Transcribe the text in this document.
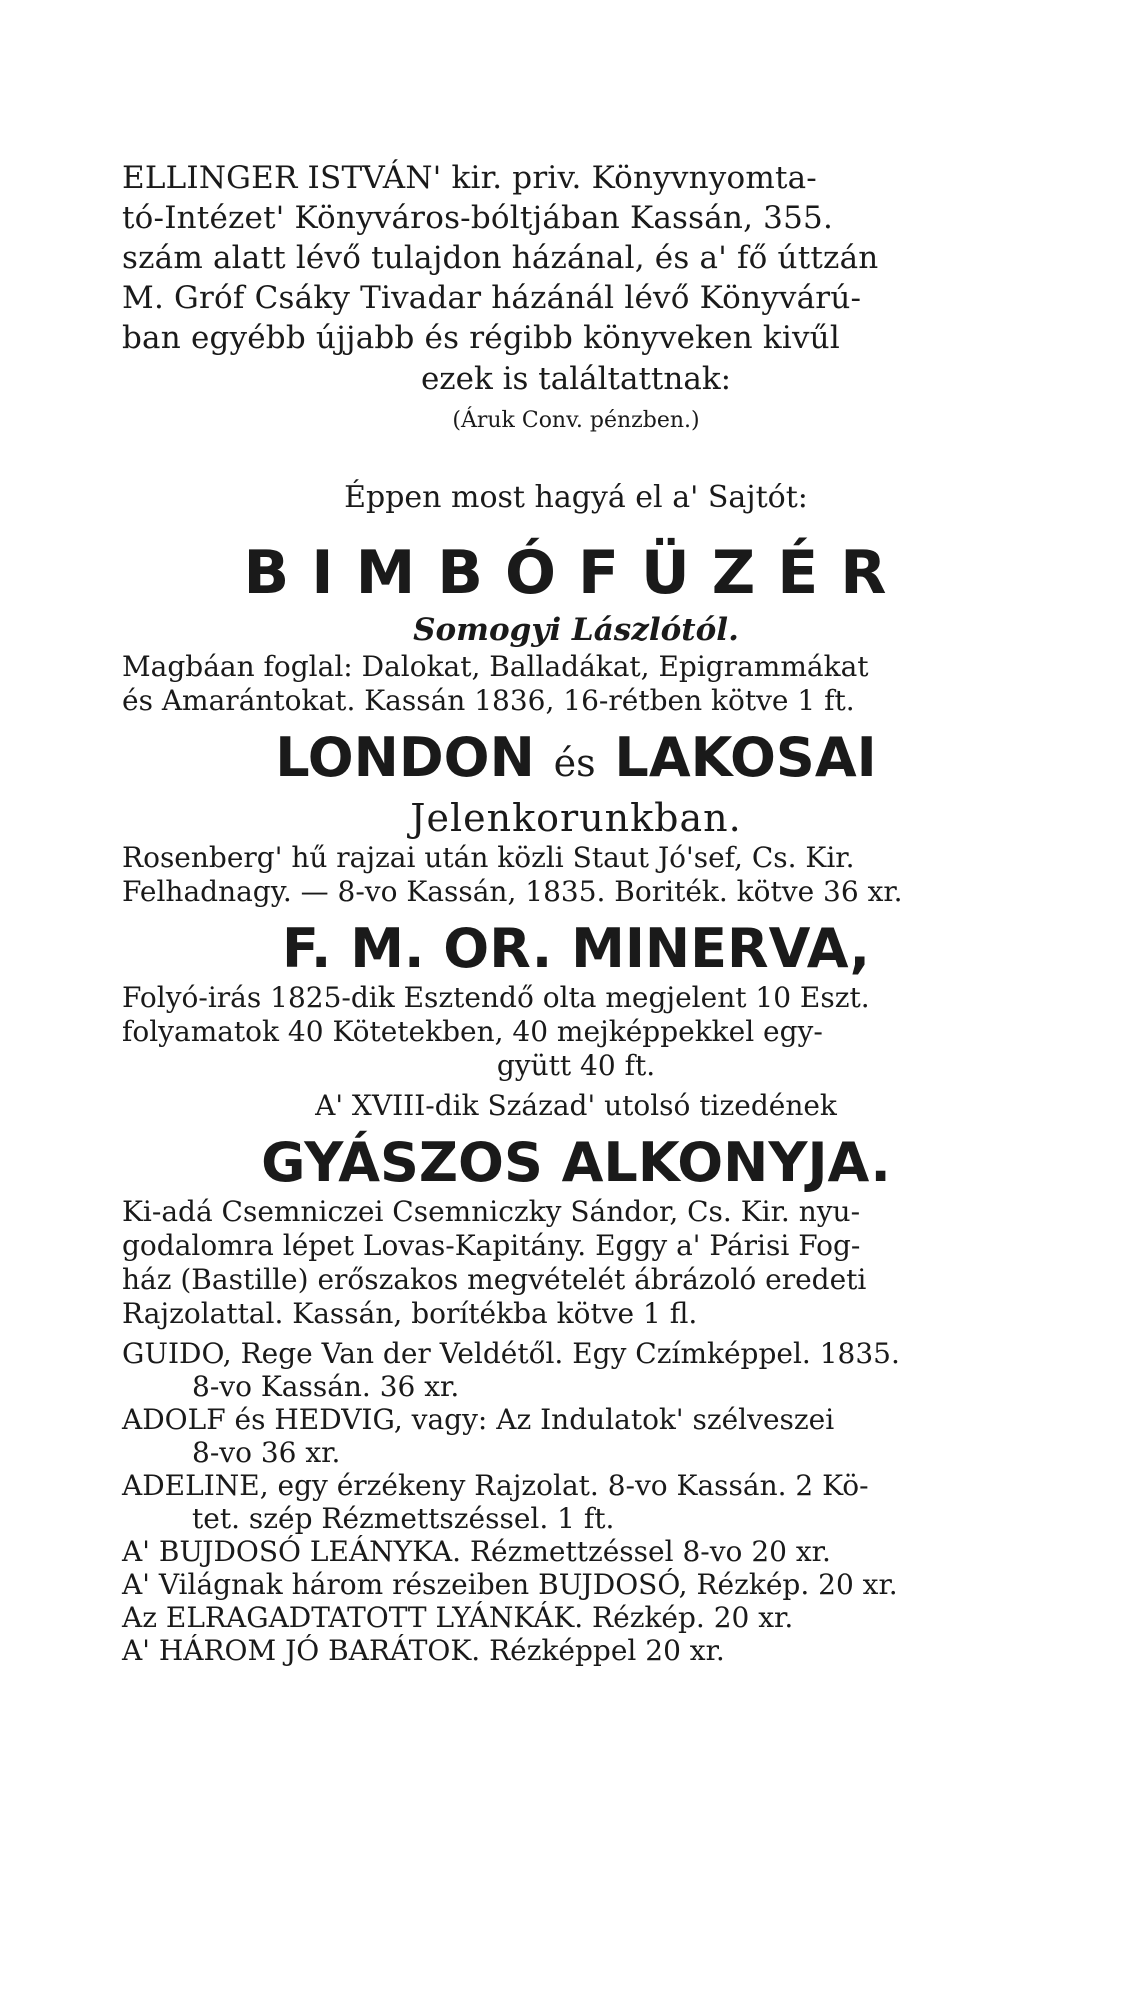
ELLINGER ISTVÁN' kir. priv. Könyvnyomta-

tó-Intézet' Könyváros-bóltjában Kassán, 355.

szám alatt lévő tulajdon házánal, és a' fő úttzán

M. Gróf Csáky Tivadar házánál lévő Könyvárú-

ban egyébb újjabb és régibb könyveken kivűl

ezek is találtattnak:

(Áruk Conv. pénzben.)

Éppen most hagyá el a' Sajtót:

BIMBÓFÜZÉR

Somogyi Lászlótól.

Magbáan foglal: Dalokat, Balladákat, Epigrammákat

és Amarántokat. Kassán 1836, 16-rétben kötve 1 ft.

LONDON és LAKOSAI

Jelenkorunkban.

Rosenberg' hű rajzai után közli Staut Jó'sef, Cs. Kir.

Felhadnagy. — 8-vo Kassán, 1835. Boriték. kötve 36 xr.

F. M. OR. MINERVA,

Folyó-irás 1825-dik Esztendő olta megjelent 10 Eszt.

folyamatok 40 Kötetekben, 40 mejképpekkel egy-

gyütt 40 ft.

A' XVIII-dik Század' utolsó tizedének

GYÁSZOS ALKONYJA.

Ki-adá Csemniczei Csemniczky Sándor, Cs. Kir. nyu-

godalomra lépet Lovas-Kapitány. Eggy a' Párisi Fog-

ház (Bastille) erőszakos megvételét ábrázoló eredeti

Rajzolattal. Kassán, borítékba kötve 1 fl.

GUIDO, Rege Van der Veldétől. Egy Czímképpel. 1835.
8-vo Kassán. 36 xr.

ADOLF és HEDVIG, vagy: Az Indulatok' szélveszei
8-vo 36 xr.

ADELINE, egy érzékeny Rajzolat. 8-vo Kassán. 2 Kö-
tet. szép Rézmettszéssel. 1 ft.

A' BUJDOSÓ LEÁNYKA. Rézmettzéssel 8-vo 20 xr.

A' Világnak három részeiben BUJDOSÓ, Rézkép. 20 xr.

Az ELRAGADTATOTT LYÁNKÁK. Rézkép. 20 xr.

A' HÁROM JÓ BARÁTOK. Rézképpel 20 xr.
